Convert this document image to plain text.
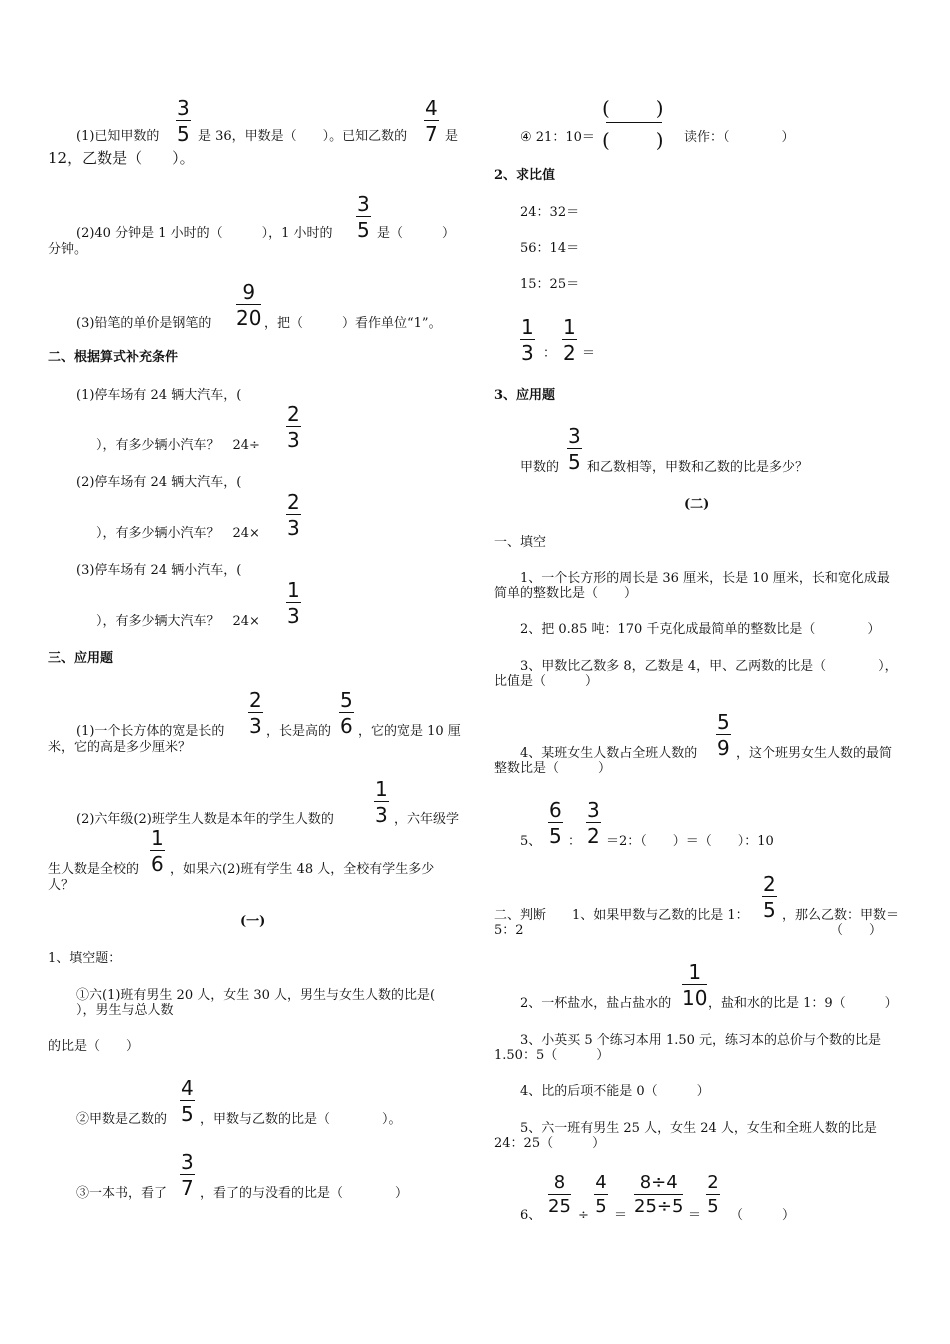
(1)已知甲数的
3
5 是 36，甲数是（　　）。已知乙数的
4
7 是
12，乙数是（　　）。
(2)40 分钟是 1 小时的（　　　），1 小时的
3
5 是（　　　）
分钟。
(3)铅笔的单价是钢笔的
9
20 ，把（　　　）看作单位“1”。
二、根据算式补充条件
(1)停车场有 24 辆大汽车，(
），有多少辆小汽车？　24÷
2
3
(2)停车场有 24 辆大汽车，(
），有多少辆小汽车？　24×
2
3
(3)停车场有 24 辆小汽车，(
），有多少辆大汽车？　24×
1
3
三、应用题
(1)一个长方体的宽是长的
2
3 ，长是高的
5
6 ，它的宽是 10 厘
米，它的高是多少厘米？
(2)六年级(2)班学生人数是本年的学生人数的
1
3 ，六年级学
生人数是全校的
1
6 ，如果六(2)班有学生 48 人，全校有学生多少
人？
(一)
1、填空题：
①六(1)班有男生 20 人，女生 30 人，男生与女生人数的比是(
），男生与总人数
的比是（　　）
②甲数是乙数的
4
5 ，甲数与乙数的比是（　　　　）。
③一本书，看了
3
7 ，看了的与没看的比是（　　　　）
④ 21：10＝
(　　)
(　　) 读作：（　　　　）
2、求比值
24：32＝
56：14＝
15：25＝
1
3 ：
1
2 ＝
3、应用题
甲数的
3
5 和乙数相等，甲数和乙数的比是多少？
(二)
一、填空
1、一个长方形的周长是 36 厘米，长是 10 厘米，长和宽化成最
简单的整数比是（　　）
2、把 0.85 吨：170 千克化成最简单的整数比是（　　　　）
3、甲数比乙数多 8，乙数是 4，甲、乙两数的比是（　　　　），
比值是（　　　）
4、某班女生人数占全班人数的
5
9 ，这个班男女生人数的最简
整数比是（　　　）
5、
6
5 ：
3
2 ＝2：（　　）＝（　　）：10
二、判断 1、如果甲数与乙数的比是 1：
2
5 ，那么乙数：甲数＝
5：2	（　　）
2、一杯盐水，盐占盐水的
1
10 ，盐和水的比是 1：9（　　　）
3、小英买 5 个练习本用 1.50 元，练习本的总价与个数的比是
1.50：5（　　　）
4、比的后项不能是 0（　　　）
5、六一班有男生 25 人，女生 24 人，女生和全班人数的比是
24：25（　　　）
6、
8
25 ÷
4
5 ＝
8÷4
25÷5 ＝
2
5 （　　　）
